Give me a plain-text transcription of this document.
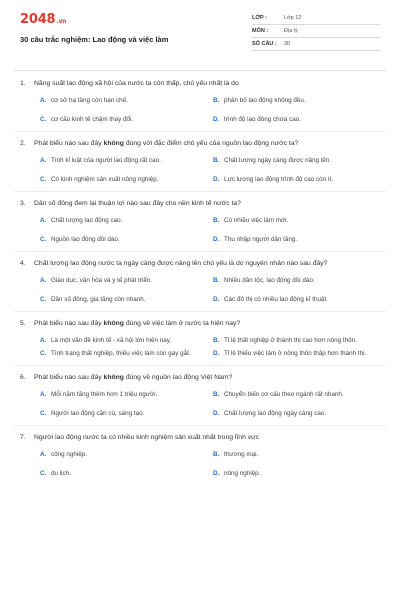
2048.vn
30 câu trắc nghiệm: Lao động và việc làm
LỚP :	Lớp 12
MÔN :	Địa lý
SỐ CÂU :	30
1.	Năng suất lao động xã hội của nước ta còn thấp, chủ yếu nhất là do
A. cơ sở hạ tầng còn hạn chế.	B. phân bố lao động không đều.
C. cơ cấu kinh tế chậm thay đổi.	D. trình độ lao động chưa cao.
2.	Phát biểu nào sau đây không đúng với đặc điểm chủ yếu của nguồn lao động nước ta?
A. Tính kỉ luật của người lao động rất cao.	B. Chất lượng ngày càng được nâng lên.
C. Có kinh nghiệm sản xuất nông nghiệp.	D. Lực lượng lao động trình độ cao còn ít.
3.	Dân số đông đem lại thuận lợi nào sau đây cho nền kinh tế nước ta?
A. Chất lượng lao động cao.	B. Có nhiều việc làm mới.
C. Nguồn lao động dồi dào.	D. Thu nhập người dân tăng.
4.	Chất lượng lao động nước ta ngày càng được nâng lên chủ yếu là do nguyên nhân nào sau đây?
A. Giáo dục, văn hóa và y tế phát triển.	B. Nhiều dân tộc, lao động dồi dào.
C. Dân số đông, gia tăng còn nhanh.	D. Các đô thị có nhiều lao động kĩ thuật.
5.	Phát biểu nào sau đây không đúng về việc làm ở nước ta hiện nay?
A. Là một vấn đề kinh tế - xã hội lớn hiện nay.	B. Tỉ lệ thất nghiệp ở thành thị cao hơn nông thôn.
C. Tình trạng thất nghiệp, thiếu việc làm còn gay gắt.	D. Tỉ lệ thiếu việc làm ở nông thôn thấp hơn thành thị.
6.	Phát biểu nào sau đây không đúng về nguồn lao động Việt Nam?
A. Mỗi năm tăng thêm hơn 1 triệu người.	B. Chuyển biến cơ cấu theo ngành rất nhanh.
C. Người lao động cần cù, sáng tạo.	D. Chất lượng lao động ngày càng cao.
7.	Người lao động nước ta có nhiều kinh nghiệm sản xuất nhất trong lĩnh vực
A. công nghiệp.	B. thương mại.
C. du lịch.	D. nông nghiệp.
